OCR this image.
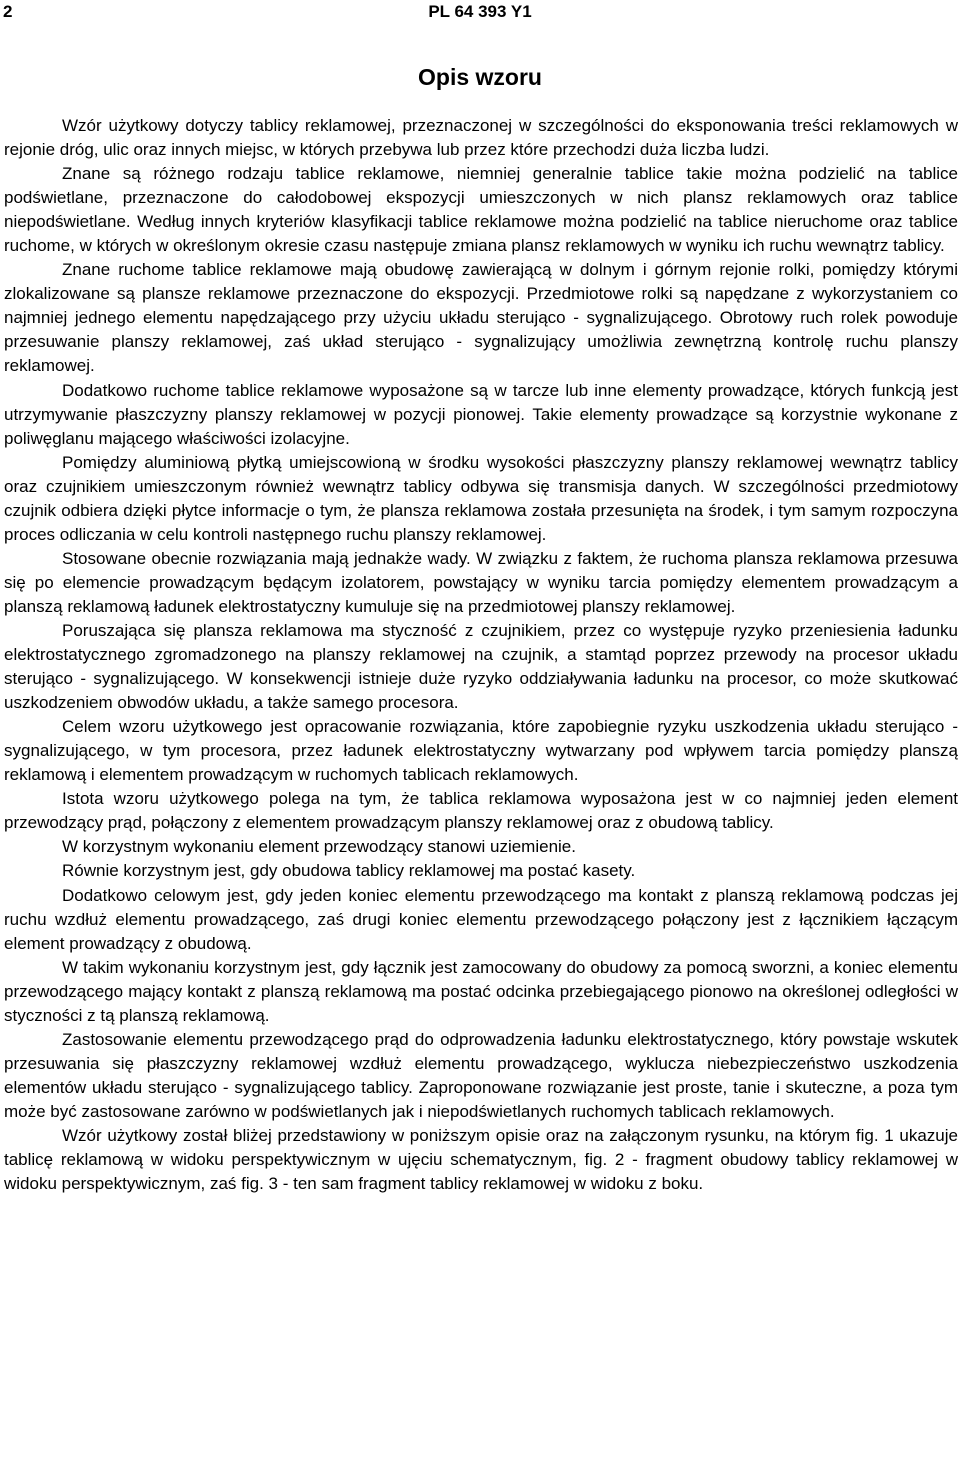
2	PL 64 393 Y1
Opis wzoru

Wzór użytkowy dotyczy tablicy reklamowej, przeznaczonej w szczególności do eksponowania treści reklamowych w rejonie dróg, ulic oraz innych miejsc, w których przebywa lub przez które przechodzi duża liczba ludzi.

Znane są różnego rodzaju tablice reklamowe, niemniej generalnie tablice takie można podzielić na tablice podświetlane, przeznaczone do całodobowej ekspozycji umieszczonych w nich plansz reklamowych oraz tablice niepodświetlane. Według innych kryteriów klasyfikacji tablice reklamowe można podzielić na tablice nieruchome oraz tablice ruchome, w których w określonym okresie czasu następuje zmiana plansz reklamowych w wyniku ich ruchu wewnątrz tablicy.

Znane ruchome tablice reklamowe mają obudowę zawierającą w dolnym i górnym rejonie rolki, pomiędzy którymi zlokalizowane są plansze reklamowe przeznaczone do ekspozycji. Przedmiotowe rolki są napędzane z wykorzystaniem co najmniej jednego elementu napędzającego przy użyciu układu sterująco - sygnalizującego. Obrotowy ruch rolek powoduje przesuwanie planszy reklamowej, zaś układ sterująco - sygnalizujący umożliwia zewnętrzną kontrolę ruchu planszy reklamowej.

Dodatkowo ruchome tablice reklamowe wyposażone są w tarcze lub inne elementy prowadzące, których funkcją jest utrzymywanie płaszczyzny planszy reklamowej w pozycji pionowej. Takie elementy prowadzące są korzystnie wykonane z poliwęglanu mającego właściwości izolacyjne.

Pomiędzy aluminiową płytką umiejscowioną w środku wysokości płaszczyzny planszy reklamowej wewnątrz tablicy oraz czujnikiem umieszczonym również wewnątrz tablicy odbywa się transmisja danych. W szczególności przedmiotowy czujnik odbiera dzięki płytce informacje o tym, że plansza reklamowa została przesunięta na środek, i tym samym rozpoczyna proces odliczania w celu kontroli następnego ruchu planszy reklamowej.

Stosowane obecnie rozwiązania mają jednakże wady. W związku z faktem, że ruchoma plansza reklamowa przesuwa się po elemencie prowadzącym będącym izolatorem, powstający w wyniku tarcia pomiędzy elementem prowadzącym a planszą reklamową ładunek elektrostatyczny kumuluje się na przedmiotowej planszy reklamowej.

Poruszająca się plansza reklamowa ma styczność z czujnikiem, przez co występuje ryzyko przeniesienia ładunku elektrostatycznego zgromadzonego na planszy reklamowej na czujnik, a stamtąd poprzez przewody na procesor układu sterująco - sygnalizującego. W konsekwencji istnieje duże ryzyko oddziaływania ładunku na procesor, co może skutkować uszkodzeniem obwodów układu, a także samego procesora.

Celem wzoru użytkowego jest opracowanie rozwiązania, które zapobiegnie ryzyku uszkodzenia układu sterująco - sygnalizującego, w tym procesora, przez ładunek elektrostatyczny wytwarzany pod wpływem tarcia pomiędzy planszą reklamową i elementem prowadzącym w ruchomych tablicach reklamowych.

Istota wzoru użytkowego polega na tym, że tablica reklamowa wyposażona jest w co najmniej jeden element przewodzący prąd, połączony z elementem prowadzącym planszy reklamowej oraz z obudową tablicy.

W korzystnym wykonaniu element przewodzący stanowi uziemienie.

Równie korzystnym jest, gdy obudowa tablicy reklamowej ma postać kasety.

Dodatkowo celowym jest, gdy jeden koniec elementu przewodzącego ma kontakt z planszą reklamową podczas jej ruchu wzdłuż elementu prowadzącego, zaś drugi koniec elementu przewodzącego połączony jest z łącznikiem łączącym element prowadzący z obudową.

W takim wykonaniu korzystnym jest, gdy łącznik jest zamocowany do obudowy za pomocą sworzni, a koniec elementu przewodzącego mający kontakt z planszą reklamową ma postać odcinka przebiegającego pionowo na określonej odległości w styczności z tą planszą reklamową.

Zastosowanie elementu przewodzącego prąd do odprowadzenia ładunku elektrostatycznego, który powstaje wskutek przesuwania się płaszczyzny reklamowej wzdłuż elementu prowadzącego, wyklucza niebezpieczeństwo uszkodzenia elementów układu sterująco - sygnalizującego tablicy. Zaproponowane rozwiązanie jest proste, tanie i skuteczne, a poza tym może być zastosowane zarówno w podświetlanych jak i niepodświetlanych ruchomych tablicach reklamowych.

Wzór użytkowy został bliżej przedstawiony w poniższym opisie oraz na załączonym rysunku, na którym fig. 1 ukazuje tablicę reklamową w widoku perspektywicznym w ujęciu schematycznym, fig. 2 - fragment obudowy tablicy reklamowej w widoku perspektywicznym, zaś fig. 3 - ten sam fragment tablicy reklamowej w widoku z boku.
